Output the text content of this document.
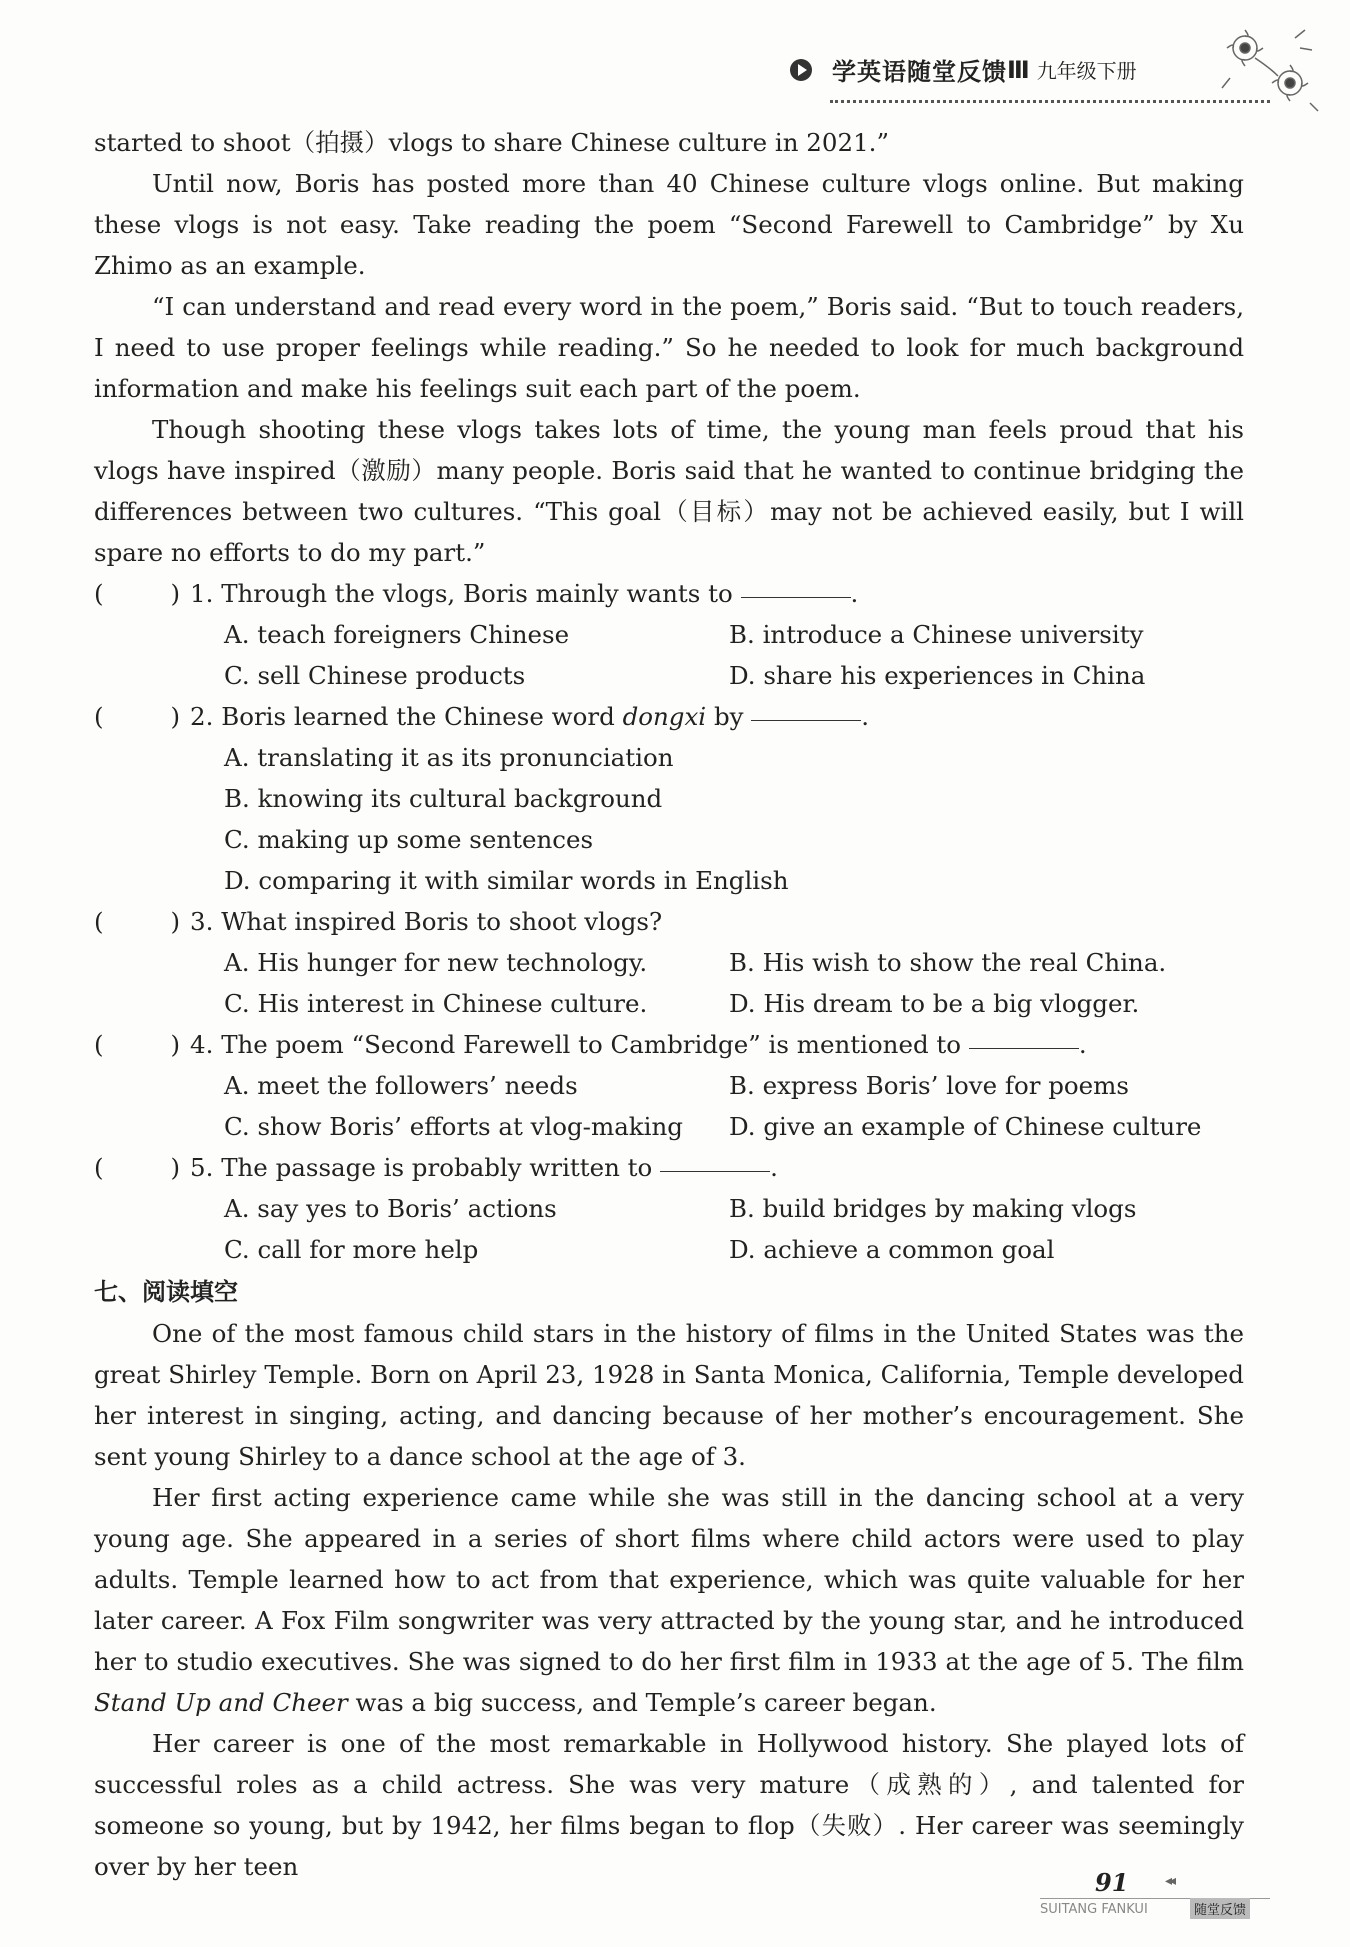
学英语随堂反馈 Ⅲ 九年级下册

started to shoot（拍摄）vlogs to share Chinese culture in 2021.”

Until now, Boris has posted more than 40 Chinese culture vlogs online. But making these vlogs is not easy. Take reading the poem “Second Farewell to Cambridge” by Xu Zhimo as an example.

“I can understand and read every word in the poem,” Boris said. “But to touch readers, I need to use proper feelings while reading.” So he needed to look for much background information and make his feelings suit each part of the poem.

Though shooting these vlogs takes lots of time, the young man feels proud that his vlogs have inspired（激励）many people. Boris said that he wanted to continue bridging the differences between two cultures. “This goal（目标）may not be achieved easily, but I will spare no efforts to do my part.”

(	) 1.
Through the vlogs, Boris mainly wants to
	.
A. teach foreigners Chinese	B. introduce a Chinese university
C. sell Chinese products	D. share his experiences in China
(	) 2.
Boris learned the Chinese word
dongxi
by
	.
A. translating it as its pronunciation
B. knowing its cultural background
C. making up some sentences
D. comparing it with similar words in English
(	) 3.
What inspired Boris to shoot vlogs?
A. His hunger for new technology.	B. His wish to show the real China.
C. His interest in Chinese culture.	D. His dream to be a big vlogger.
(	) 4.
The poem “Second Farewell to Cambridge” is mentioned to
	.
A. meet the followers’ needs	B. express Boris’ love for poems
C. show Boris’ efforts at vlog-making	D. give an example of Chinese culture
(	) 5.
The passage is probably written to
	.
A. say yes to Boris’ actions	B. build bridges by making vlogs
C. call for more help	D. achieve a common goal
七、阅读填空

One of the most famous child stars in the history of films in the United States was the great Shirley Temple. Born on April 23, 1928 in Santa Monica, California, Temple developed her interest in singing, acting, and dancing because of her mother’s encouragement. She sent young Shirley to a dance school at the age of 3.

Her first acting experience came while she was still in the dancing school at a very young age. She appeared in a series of short films where child actors were used to play adults. Temple learned how to act from that experience, which was quite valuable for her later career. A Fox Film songwriter was very attracted by the young star, and he introduced her to studio executives. She was signed to do her first film in 1933 at the age of 5. The film Stand Up and Cheer was a big success, and Temple’s career began.

Her career is one of the most remarkable in Hollywood history. She played lots of successful roles as a child actress. She was very mature（成熟的）, and talented for someone so young, but by 1942, her films began to flop（失败）. Her career was seemingly over by her teen

91	◂◂
SUITANG FANKUI	随堂反馈
